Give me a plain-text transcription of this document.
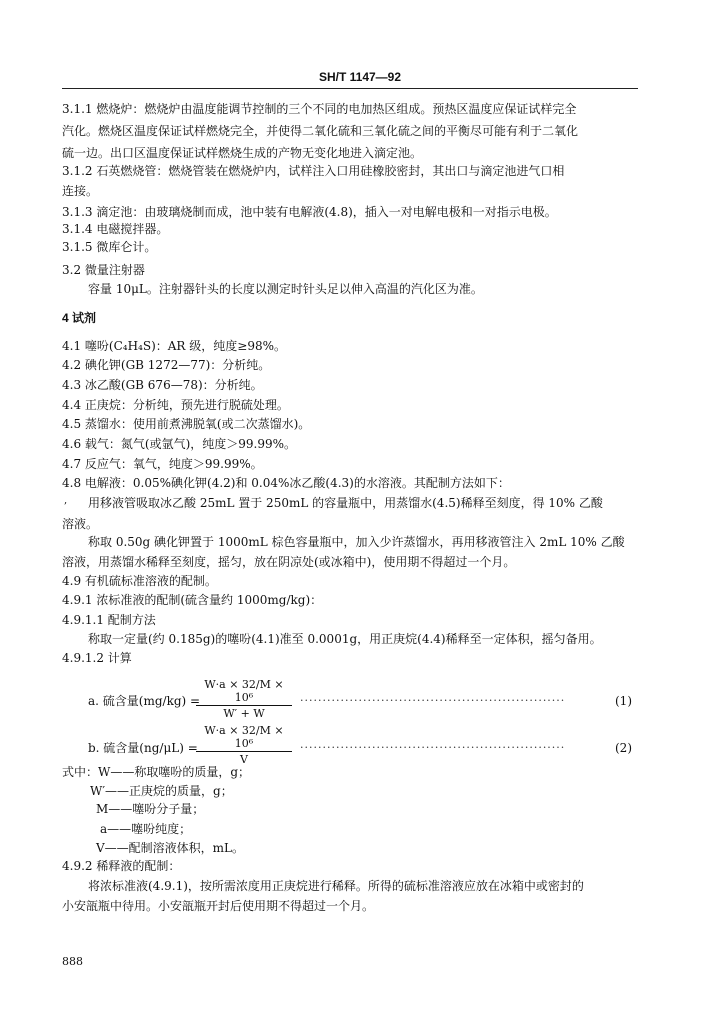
SH/T 1147—92
3.1.1 燃烧炉：燃烧炉由温度能调节控制的三个不同的电加热区组成。预热区温度应保证试样完全
汽化。燃烧区温度保证试样燃烧完全，并使得二氧化硫和三氧化硫之间的平衡尽可能有利于二氧化
硫一边。出口区温度保证试样燃烧生成的产物无变化地进入滴定池。
3.1.2 石英燃烧管：燃烧管装在燃烧炉内，试样注入口用硅橡胶密封，其出口与滴定池进气口相
连接。
3.1.3 滴定池：由玻璃烧制而成，池中装有电解液(4.8)，插入一对电解电极和一对指示电极。
3.1.4 电磁搅拌器。
3.1.5 微库仑计。
3.2 微量注射器
容量 10μL。注射器针头的长度以测定时针头足以伸入高温的汽化区为准。
4 试剂
4.1 噻吩(C₄H₄S)：AR 级，纯度≥98%。
4.2 碘化钾(GB 1272—77)：分析纯。
4.3 冰乙酸(GB 676—78)：分析纯。
4.4 正庚烷：分析纯，预先进行脱硫处理。
4.5 蒸馏水：使用前煮沸脱氧(或二次蒸馏水)。
4.6 载气：氮气(或氩气)，纯度＞99.99%。
4.7 反应气：氧气，纯度＞99.99%。
4.8 电解液：0.05%碘化钾(4.2)和 0.04%冰乙酸(4.3)的水溶液。其配制方法如下：
, 用移液管吸取冰乙酸 25mL 置于 250mL 的容量瓶中，用蒸馏水(4.5)稀释至刻度，得 10% 乙酸
溶液。
称取 0.50g 碘化钾置于 1000mL 棕色容量瓶中，加入少许蒸馏水，再用移液管注入 2mL 10% 乙酸
溶液，用蒸馏水稀释至刻度，摇匀，放在阴凉处(或冰箱中)，使用期不得超过一个月。
4.9 有机硫标准溶液的配制。
4.9.1 浓标准液的配制(硫含量约 1000mg/kg)：
4.9.1.1 配制方法
称取一定量(约 0.185g)的噻吩(4.1)准至 0.0001g，用正庚烷(4.4)稀释至一定体积，摇匀备用。
4.9.1.2 计算
a. 硫含量(mg/kg) =
W·a × 32/M × 10⁶
W′ + W
···························································	(1)
b. 硫含量(ng/μL) =
W·a × 32/M × 10⁶
V
···························································	(2)
式中：W——称取噻吩的质量，g；
W′——正庚烷的质量，g；
M——噻吩分子量；
a——噻吩纯度；
V——配制溶液体积，mL。
4.9.2 稀释液的配制：
将浓标准液(4.9.1)，按所需浓度用正庚烷进行稀释。所得的硫标准溶液应放在冰箱中或密封的
小安瓿瓶中待用。小安瓿瓶开封后使用期不得超过一个月。
888
